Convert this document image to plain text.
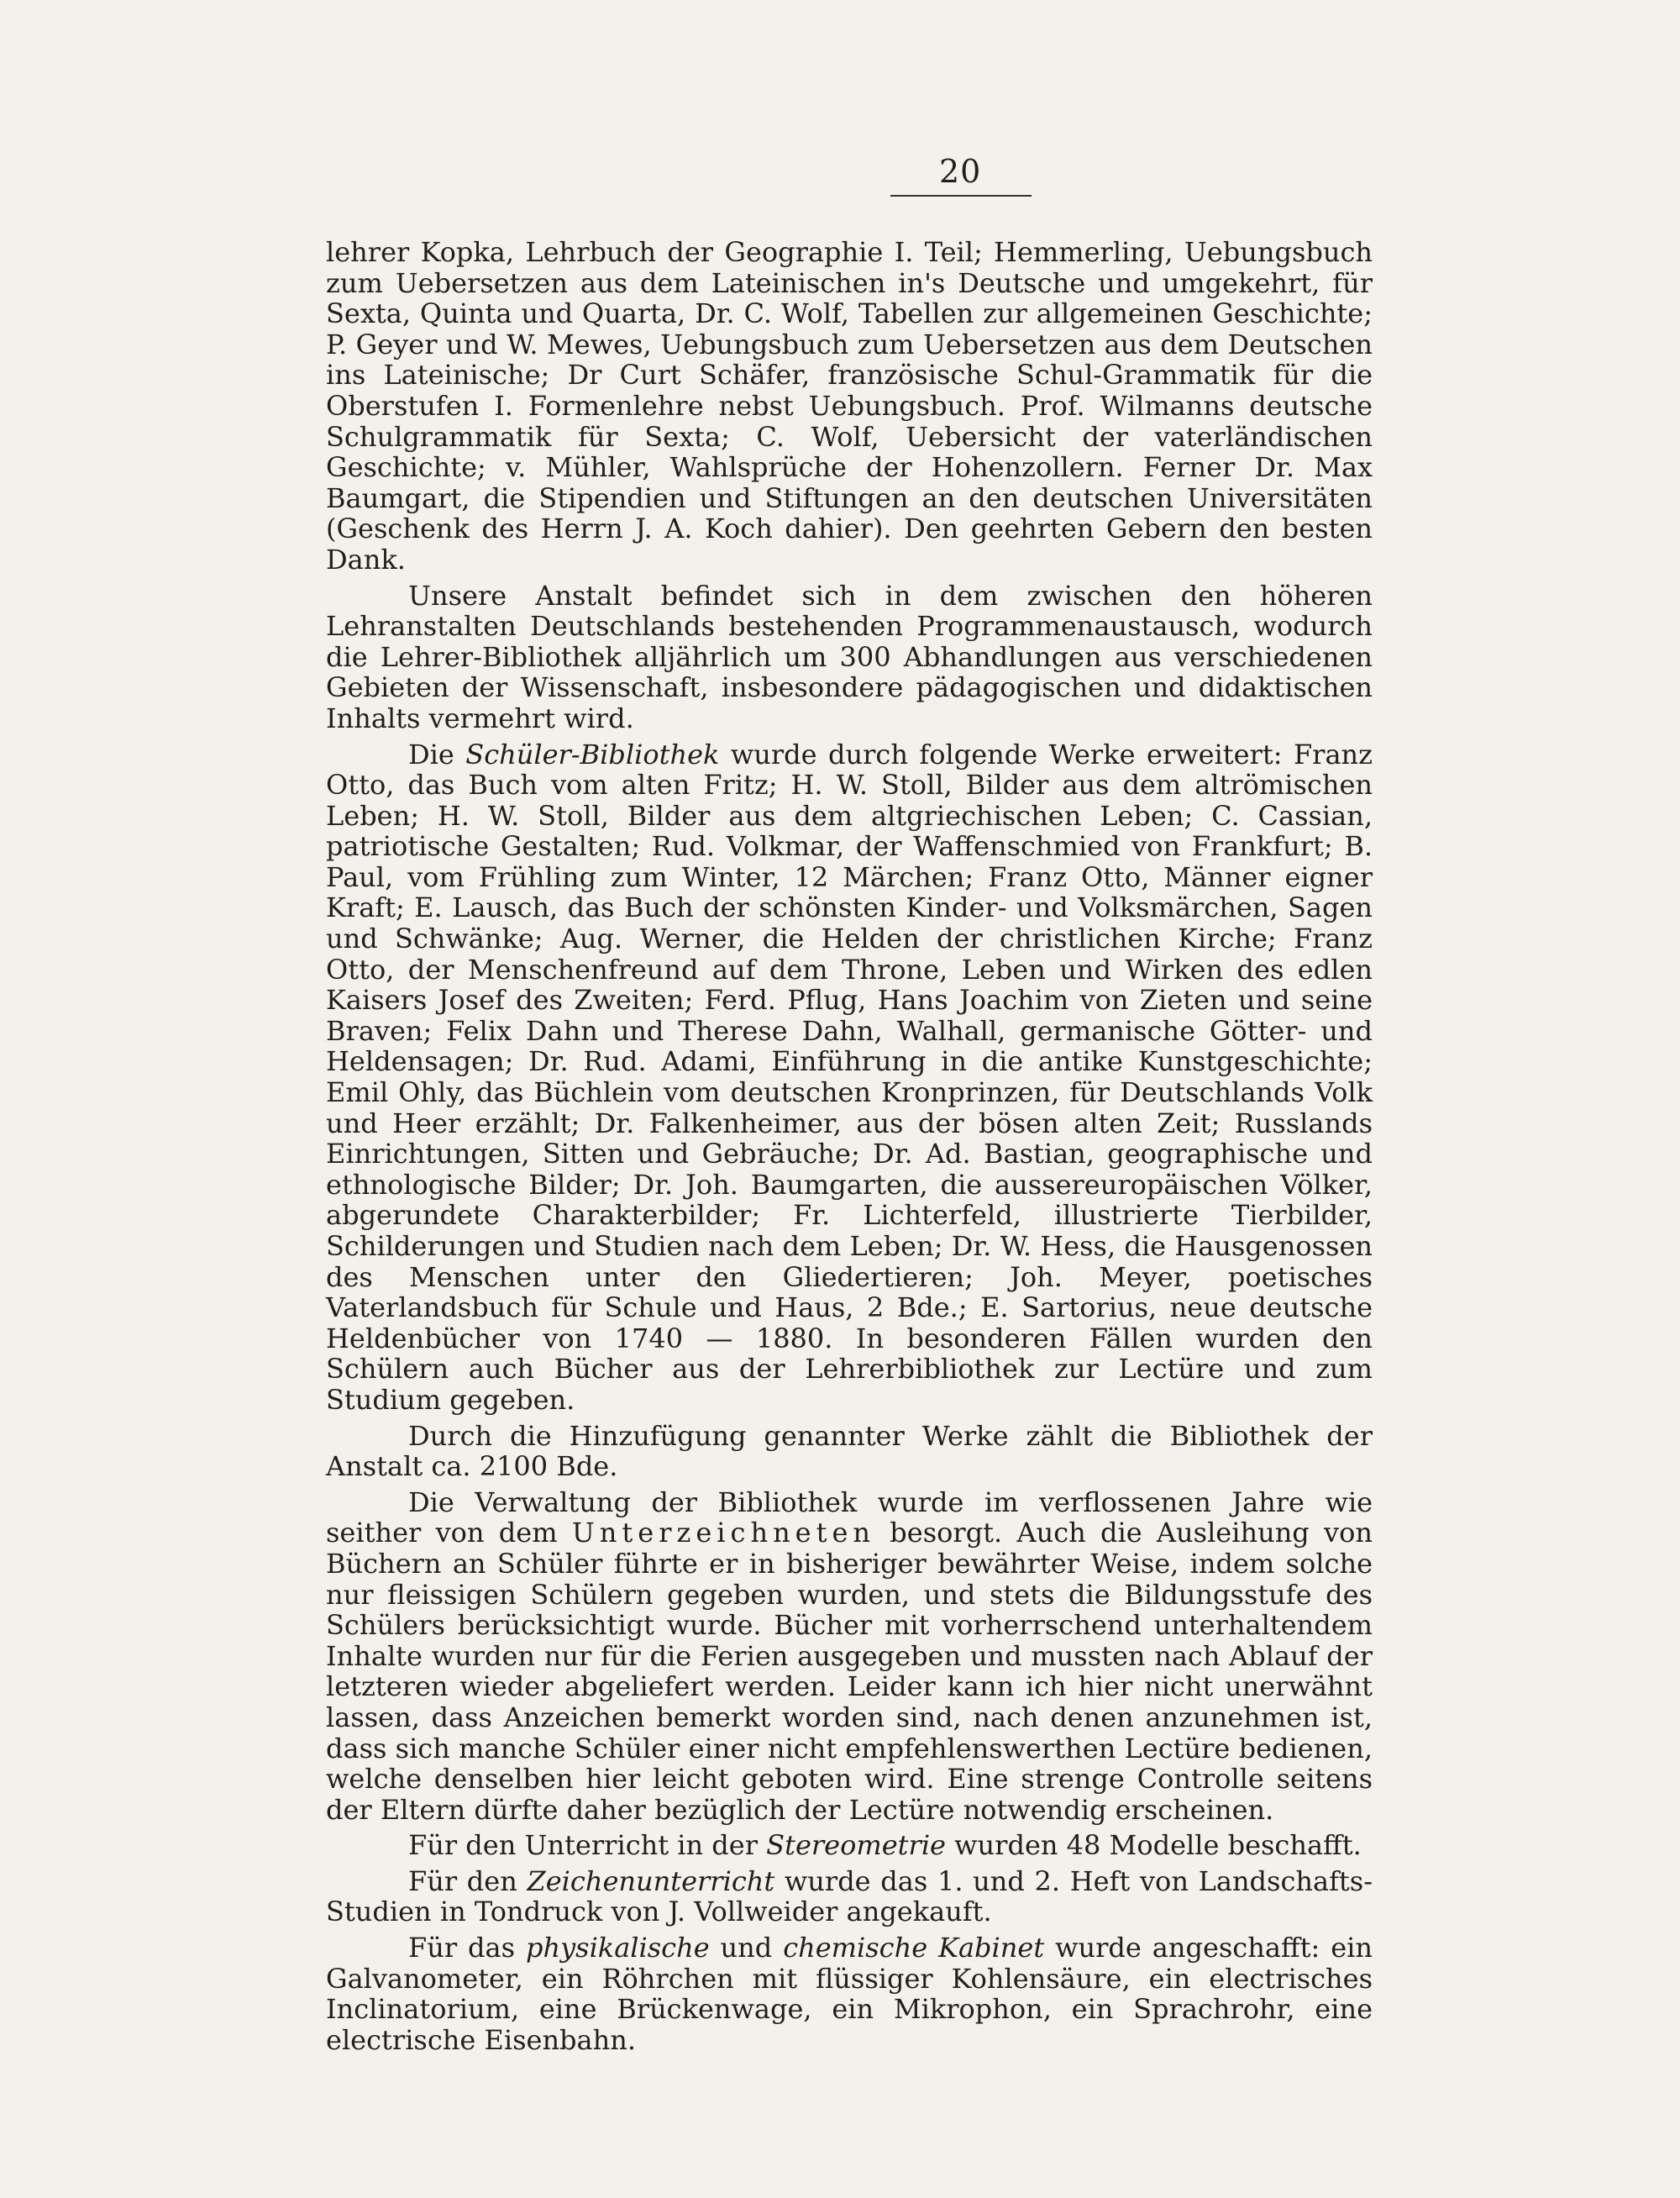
20

lehrer Kopka, Lehrbuch der Geographie I. Teil; Hemmerling, Uebungsbuch zum Uebersetzen aus dem Lateinischen in's Deutsche und umgekehrt, für Sexta, Quinta und Quarta, Dr. C. Wolf, Tabellen zur allgemeinen Geschichte; P. Geyer und W. Mewes, Uebungsbuch zum Uebersetzen aus dem Deutschen ins Lateinische; Dr Curt Schäfer, französische Schul-Grammatik für die Oberstufen I. Formenlehre nebst Uebungsbuch. Prof. Wilmanns deutsche Schulgrammatik für Sexta; C. Wolf, Uebersicht der vaterländischen Geschichte; v. Mühler, Wahlsprüche der Hohenzollern. Ferner Dr. Max Baumgart, die Stipendien und Stiftungen an den deutschen Universitäten (Geschenk des Herrn J. A. Koch dahier). Den geehrten Gebern den besten Dank.

Unsere Anstalt befindet sich in dem zwischen den höheren Lehranstalten Deutschlands bestehenden Programmenaustausch, wodurch die Lehrer-Bibliothek alljährlich um 300 Abhandlungen aus verschiedenen Gebieten der Wissenschaft, insbesondere pädagogischen und didaktischen Inhalts vermehrt wird.

Die Schüler-Bibliothek wurde durch folgende Werke erweitert: Franz Otto, das Buch vom alten Fritz; H. W. Stoll, Bilder aus dem altrömischen Leben; H. W. Stoll, Bilder aus dem altgriechischen Leben; C. Cassian, patriotische Gestalten; Rud. Volkmar, der Waffenschmied von Frankfurt; B. Paul, vom Frühling zum Winter, 12 Märchen; Franz Otto, Männer eigner Kraft; E. Lausch, das Buch der schönsten Kinder- und Volksmärchen, Sagen und Schwänke; Aug. Werner, die Helden der christlichen Kirche; Franz Otto, der Menschenfreund auf dem Throne, Leben und Wirken des edlen Kaisers Josef des Zweiten; Ferd. Pflug, Hans Joachim von Zieten und seine Braven; Felix Dahn und Therese Dahn, Walhall, germanische Götter- und Heldensagen; Dr. Rud. Adami, Einführung in die antike Kunstgeschichte; Emil Ohly, das Büchlein vom deutschen Kronprinzen, für Deutschlands Volk und Heer erzählt; Dr. Falkenheimer, aus der bösen alten Zeit; Russlands Einrichtungen, Sitten und Gebräuche; Dr. Ad. Bastian, geographische und ethnologische Bilder; Dr. Joh. Baumgarten, die aussereuropäischen Völker, abgerundete Charakterbilder; Fr. Lichterfeld, illustrierte Tierbilder, Schilderungen und Studien nach dem Leben; Dr. W. Hess, die Hausgenossen des Menschen unter den Gliedertieren; Joh. Meyer, poetisches Vaterlandsbuch für Schule und Haus, 2 Bde.; E. Sartorius, neue deutsche Heldenbücher von 1740 — 1880. In besonderen Fällen wurden den Schülern auch Bücher aus der Lehrerbibliothek zur Lectüre und zum Studium gegeben.

Durch die Hinzufügung genannter Werke zählt die Bibliothek der Anstalt ca. 2100 Bde.

Die Verwaltung der Bibliothek wurde im verflossenen Jahre wie seither von dem Unterzeichneten besorgt. Auch die Ausleihung von Büchern an Schüler führte er in bisheriger bewährter Weise, indem solche nur fleissigen Schülern gegeben wurden, und stets die Bildungsstufe des Schülers berücksichtigt wurde. Bücher mit vorherrschend unterhaltendem Inhalte wurden nur für die Ferien ausgegeben und mussten nach Ablauf der letzteren wieder abgeliefert werden. Leider kann ich hier nicht unerwähnt lassen, dass Anzeichen bemerkt worden sind, nach denen anzunehmen ist, dass sich manche Schüler einer nicht empfehlenswerthen Lectüre bedienen, welche denselben hier leicht geboten wird. Eine strenge Controlle seitens der Eltern dürfte daher bezüglich der Lectüre notwendig erscheinen.

Für den Unterricht in der Stereometrie wurden 48 Modelle beschafft.

Für den Zeichenunterricht wurde das 1. und 2. Heft von Landschafts-Studien in Tondruck von J. Vollweider angekauft.

Für das physikalische und chemische Kabinet wurde angeschafft: ein Galvanometer, ein Röhrchen mit flüssiger Kohlensäure, ein electrisches Inclinatorium, eine Brückenwage, ein Mikrophon, ein Sprachrohr, eine electrische Eisenbahn.
